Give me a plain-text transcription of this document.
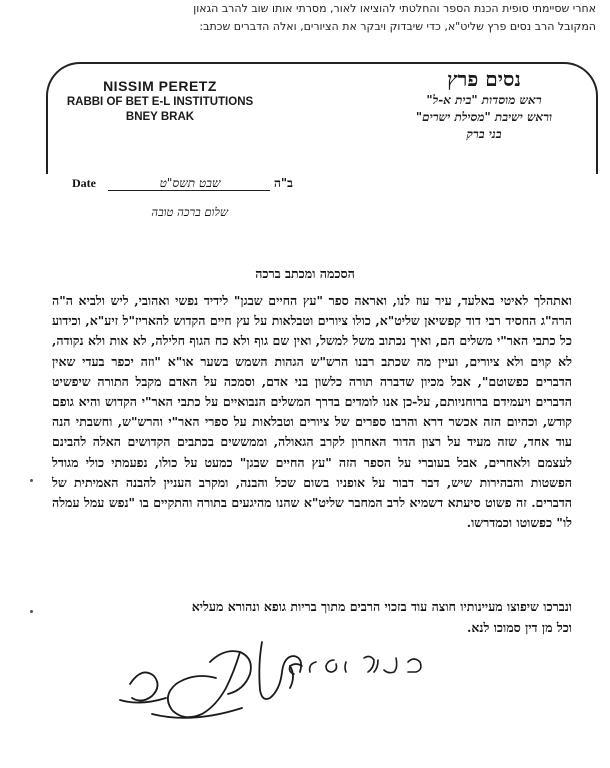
אחרי שסיימתי סופית הכנת הספר והחלטתי להוציאו לאור, מסרתי אותו שוב להרב הגאון
המקובל הרב נסים פרץ שליט"א, כדי שיבדוק ויבקר את הציורים, ואלה הדברים שכתב:
NISSIM PERETZ
RABBI OF BET E-L INSTITUTIONS
BNEY BRAK
נסים פרץ
ראש מוסדות "בית א-ל"
וראש ישיבת "מסילת ישרים"
בני ברק
Date	שבט תשס"ט	ב"ה
שלום ברכה טובה
הסכמה ומכתב ברכה

ואתהלך לאיטי באלעד, עיר עוז לנו, ואראה ספר "עץ החיים שבגן" לידיד נפשי ואהובי, ליש ולביא ה"ה הרה"ג החסיד רבי דוד קפשיאן שליט"א, כולו ציורים וטבלאות על עץ חיים הקדוש להאריז"ל זיע"א, וכידוע כל כתבי האר"י משלים הם, ואיך נכתוב משל למשל, ואין שם גוף ולא כח הגוף חלילה, לא אות ולא נקודה, לא קוים ולא ציורים, ועיין מה שכתב רבנו הרש"ש הגהות השמש בשער או"א "וזה יכפר בעדי שאין הדברים כפשוטם", אבל מכיון שדברה תורה כלשון בני אדם, וסמכה על האדם מקבל התורה שיפשיט הדברים ויעמידם ברוחניותם, על-כן אנו לומדים בדרך המשלים הנבואיים על כתבי האר"י הקדוש והיא גופם קודש, וכהיום הזה אכשר דרא והרבו ספרים של ציורים וטבלאות על ספרי האר"י והרש"ש, וחשבתי הנה עוד אחד, שזה מעיד על רצון הדור האחרון לקרב הגאולה, וממששים בכתבים הקדושים האלה להבינם לעצמם ולאחרים, אבל בעוברי על הספר הזה "עץ החיים שבגן" כמעט על כולו, נפעמתי כולי מגודל הפשטות והבהירות שיש, דבר דבור על אופניו בשום שכל והבנה, ומקרב העניין להבנה האמיתית של הדברים. זה פשוט סיעתא דשמיא לרב המחבר שליט"א שהנו מהיגעים בתורה והתקיים בו "נפש עמל עמלה לו" כפשוטו וכמדרשו.

ונברכו שיפוצו מעיינותיו חוצה עוד בזכוי הרבים מתוך בריות גופא ונהורא מעליא

וכל מן דין סמוכו לנא.
